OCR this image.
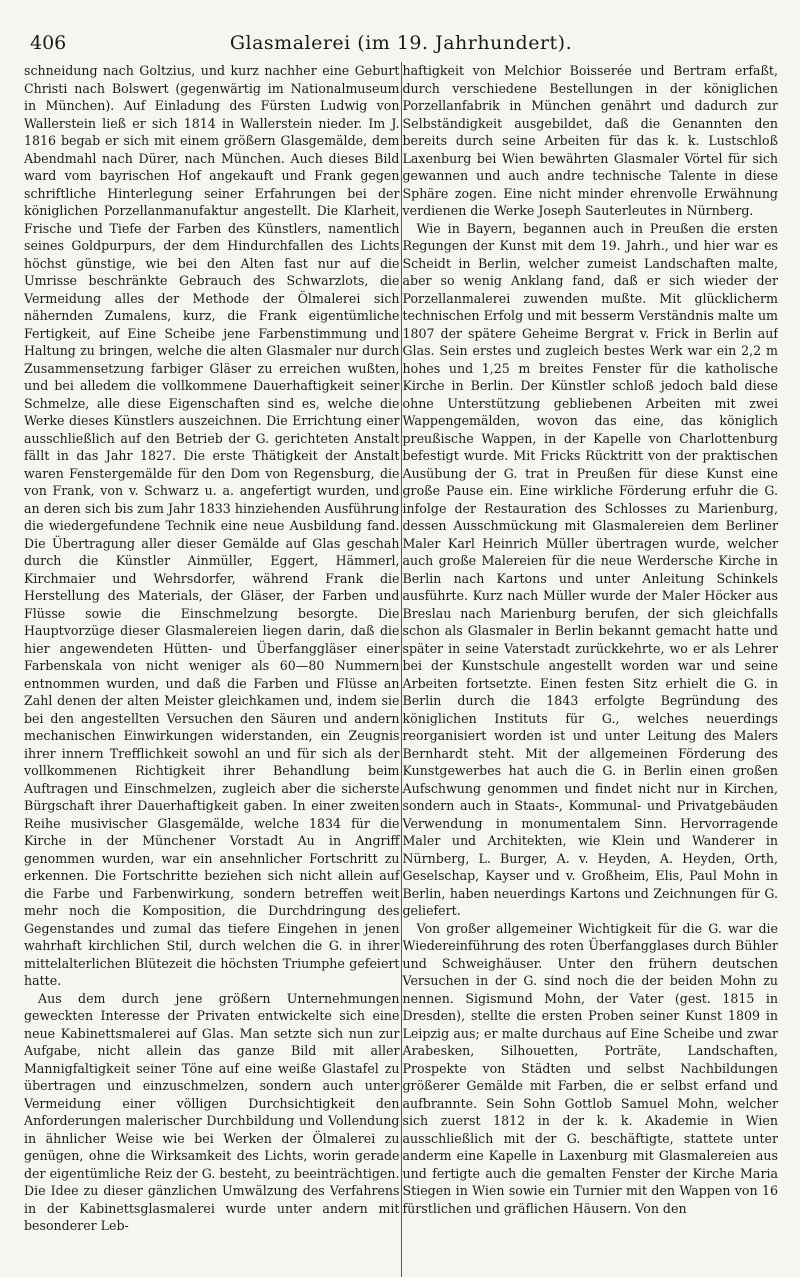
406	Glasmalerei (im 19. Jahrhundert).

schneidung nach Goltzius, und kurz nachher eine Geburt Christi nach Bolswert (gegenwärtig im Nationalmuseum in München). Auf Einladung des Fürsten Ludwig von Wallerstein ließ er sich 1814 in Wallerstein nieder. Im J. 1816 begab er sich mit einem größern Glasgemälde, dem Abendmahl nach Dürer, nach München. Auch dieses Bild ward vom bayrischen Hof angekauft und Frank gegen schriftliche Hinterlegung seiner Erfahrungen bei der königlichen Porzellanmanufaktur angestellt. Die Klarheit, Frische und Tiefe der Farben des Künstlers, namentlich seines Goldpurpurs, der dem Hindurchfallen des Lichts höchst günstige, wie bei den Alten fast nur auf die Umrisse beschränkte Gebrauch des Schwarzlots, die Vermeidung alles der Methode der Ölmalerei sich nähernden Zumalens, kurz, die Frank eigentümliche Fertigkeit, auf Eine Scheibe jene Farbenstimmung und Haltung zu bringen, welche die alten Glasmaler nur durch Zusammensetzung farbiger Gläser zu erreichen wußten, und bei alledem die vollkommene Dauerhaftigkeit seiner Schmelze, alle diese Eigenschaften sind es, welche die Werke dieses Künstlers auszeichnen. Die Errichtung einer ausschließlich auf den Betrieb der G. gerichteten Anstalt fällt in das Jahr 1827. Die erste Thätigkeit der Anstalt waren Fenstergemälde für den Dom von Regensburg, die von Frank, von v. Schwarz u. a. angefertigt wurden, und an deren sich bis zum Jahr 1833 hinziehenden Ausführung die wiedergefundene Technik eine neue Ausbildung fand. Die Übertragung aller dieser Gemälde auf Glas geschah durch die Künstler Ainmüller, Eggert, Hämmerl, Kirchmaier und Wehrsdorfer, während Frank die Herstellung des Materials, der Gläser, der Farben und Flüsse sowie die Einschmelzung besorgte. Die Hauptvorzüge dieser Glasmalereien liegen darin, daß die hier angewendeten Hütten- und Überfanggläser einer Farbenskala von nicht weniger als 60—80 Nummern entnommen wurden, und daß die Farben und Flüsse an Zahl denen der alten Meister gleichkamen und, indem sie bei den angestellten Versuchen den Säuren und andern mechanischen Einwirkungen widerstanden, ein Zeugnis ihrer innern Trefflichkeit sowohl an und für sich als der vollkommenen Richtigkeit ihrer Behandlung beim Auftragen und Einschmelzen, zugleich aber die sicherste Bürgschaft ihrer Dauerhaftigkeit gaben. In einer zweiten Reihe musivischer Glasgemälde, welche 1834 für die Kirche in der Münchener Vorstadt Au in Angriff genommen wurden, war ein ansehnlicher Fortschritt zu erkennen. Die Fortschritte beziehen sich nicht allein auf die Farbe und Farbenwirkung, sondern betreffen weit mehr noch die Komposition, die Durchdringung des Gegenstandes und zumal das tiefere Eingehen in jenen wahrhaft kirchlichen Stil, durch welchen die G. in ihrer mittelalterlichen Blütezeit die höchsten Triumphe gefeiert hatte.

Aus dem durch jene größern Unternehmungen geweckten Interesse der Privaten entwickelte sich eine neue Kabinettsmalerei auf Glas. Man setzte sich nun zur Aufgabe, nicht allein das ganze Bild mit aller Mannigfaltigkeit seiner Töne auf eine weiße Glastafel zu übertragen und einzuschmelzen, sondern auch unter Vermeidung einer völligen Durchsichtigkeit den Anforderungen malerischer Durchbildung und Vollendung in ähnlicher Weise wie bei Werken der Ölmalerei zu genügen, ohne die Wirksamkeit des Lichts, worin gerade der eigentümliche Reiz der G. besteht, zu beeinträchtigen. Die Idee zu dieser gänzlichen Umwälzung des Verfahrens in der Kabinettsglasmalerei wurde unter andern mit besonderer Leb-

haftigkeit von Melchior Boisserée und Bertram erfaßt, durch verschiedene Bestellungen in der königlichen Porzellanfabrik in München genährt und dadurch zur Selbständigkeit ausgebildet, daß die Genannten den bereits durch seine Arbeiten für das k. k. Lustschloß Laxenburg bei Wien bewährten Glasmaler Vörtel für sich gewannen und auch andre technische Talente in diese Sphäre zogen. Eine nicht minder ehrenvolle Erwähnung verdienen die Werke Joseph Sauterleutes in Nürnberg.

Wie in Bayern, begannen auch in Preußen die ersten Regungen der Kunst mit dem 19. Jahrh., und hier war es Scheidt in Berlin, welcher zumeist Landschaften malte, aber so wenig Anklang fand, daß er sich wieder der Porzellanmalerei zuwenden mußte. Mit glücklicherm technischen Erfolg und mit besserm Verständnis malte um 1807 der spätere Geheime Bergrat v. Frick in Berlin auf Glas. Sein erstes und zugleich bestes Werk war ein 2,2 m hohes und 1,25 m breites Fenster für die katholische Kirche in Berlin. Der Künstler schloß jedoch bald diese ohne Unterstützung gebliebenen Arbeiten mit zwei Wappengemälden, wovon das eine, das königlich preußische Wappen, in der Kapelle von Charlottenburg befestigt wurde. Mit Fricks Rücktritt von der praktischen Ausübung der G. trat in Preußen für diese Kunst eine große Pause ein. Eine wirkliche Förderung erfuhr die G. infolge der Restauration des Schlosses zu Marienburg, dessen Ausschmückung mit Glasmalereien dem Berliner Maler Karl Heinrich Müller übertragen wurde, welcher auch große Malereien für die neue Werdersche Kirche in Berlin nach Kartons und unter Anleitung Schinkels ausführte. Kurz nach Müller wurde der Maler Höcker aus Breslau nach Marienburg berufen, der sich gleichfalls schon als Glasmaler in Berlin bekannt gemacht hatte und später in seine Vaterstadt zurückkehrte, wo er als Lehrer bei der Kunstschule angestellt worden war und seine Arbeiten fortsetzte. Einen festen Sitz erhielt die G. in Berlin durch die 1843 erfolgte Begründung des königlichen Instituts für G., welches neuerdings reorganisiert worden ist und unter Leitung des Malers Bernhardt steht. Mit der allgemeinen Förderung des Kunstgewerbes hat auch die G. in Berlin einen großen Aufschwung genommen und findet nicht nur in Kirchen, sondern auch in Staats-, Kommunal- und Privatgebäuden Verwendung in monumentalem Sinn. Hervorragende Maler und Architekten, wie Klein und Wanderer in Nürnberg, L. Burger, A. v. Heyden, A. Heyden, Orth, Geselschap, Kayser und v. Großheim, Elis, Paul Mohn in Berlin, haben neuerdings Kartons und Zeichnungen für G. geliefert.

Von großer allgemeiner Wichtigkeit für die G. war die Wiedereinführung des roten Überfangglases durch Bühler und Schweighäuser. Unter den frühern deutschen Versuchen in der G. sind noch die der beiden Mohn zu nennen. Sigismund Mohn, der Vater (gest. 1815 in Dresden), stellte die ersten Proben seiner Kunst 1809 in Leipzig aus; er malte durchaus auf Eine Scheibe und zwar Arabesken, Silhouetten, Porträte, Landschaften, Prospekte von Städten und selbst Nachbildungen größerer Gemälde mit Farben, die er selbst erfand und aufbrannte. Sein Sohn Gottlob Samuel Mohn, welcher sich zuerst 1812 in der k. k. Akademie in Wien ausschließlich mit der G. beschäftigte, stattete unter anderm eine Kapelle in Laxenburg mit Glasmalereien aus und fertigte auch die gemalten Fenster der Kirche Maria Stiegen in Wien sowie ein Turnier mit den Wappen von 16 fürstlichen und gräflichen Häusern. Von den
